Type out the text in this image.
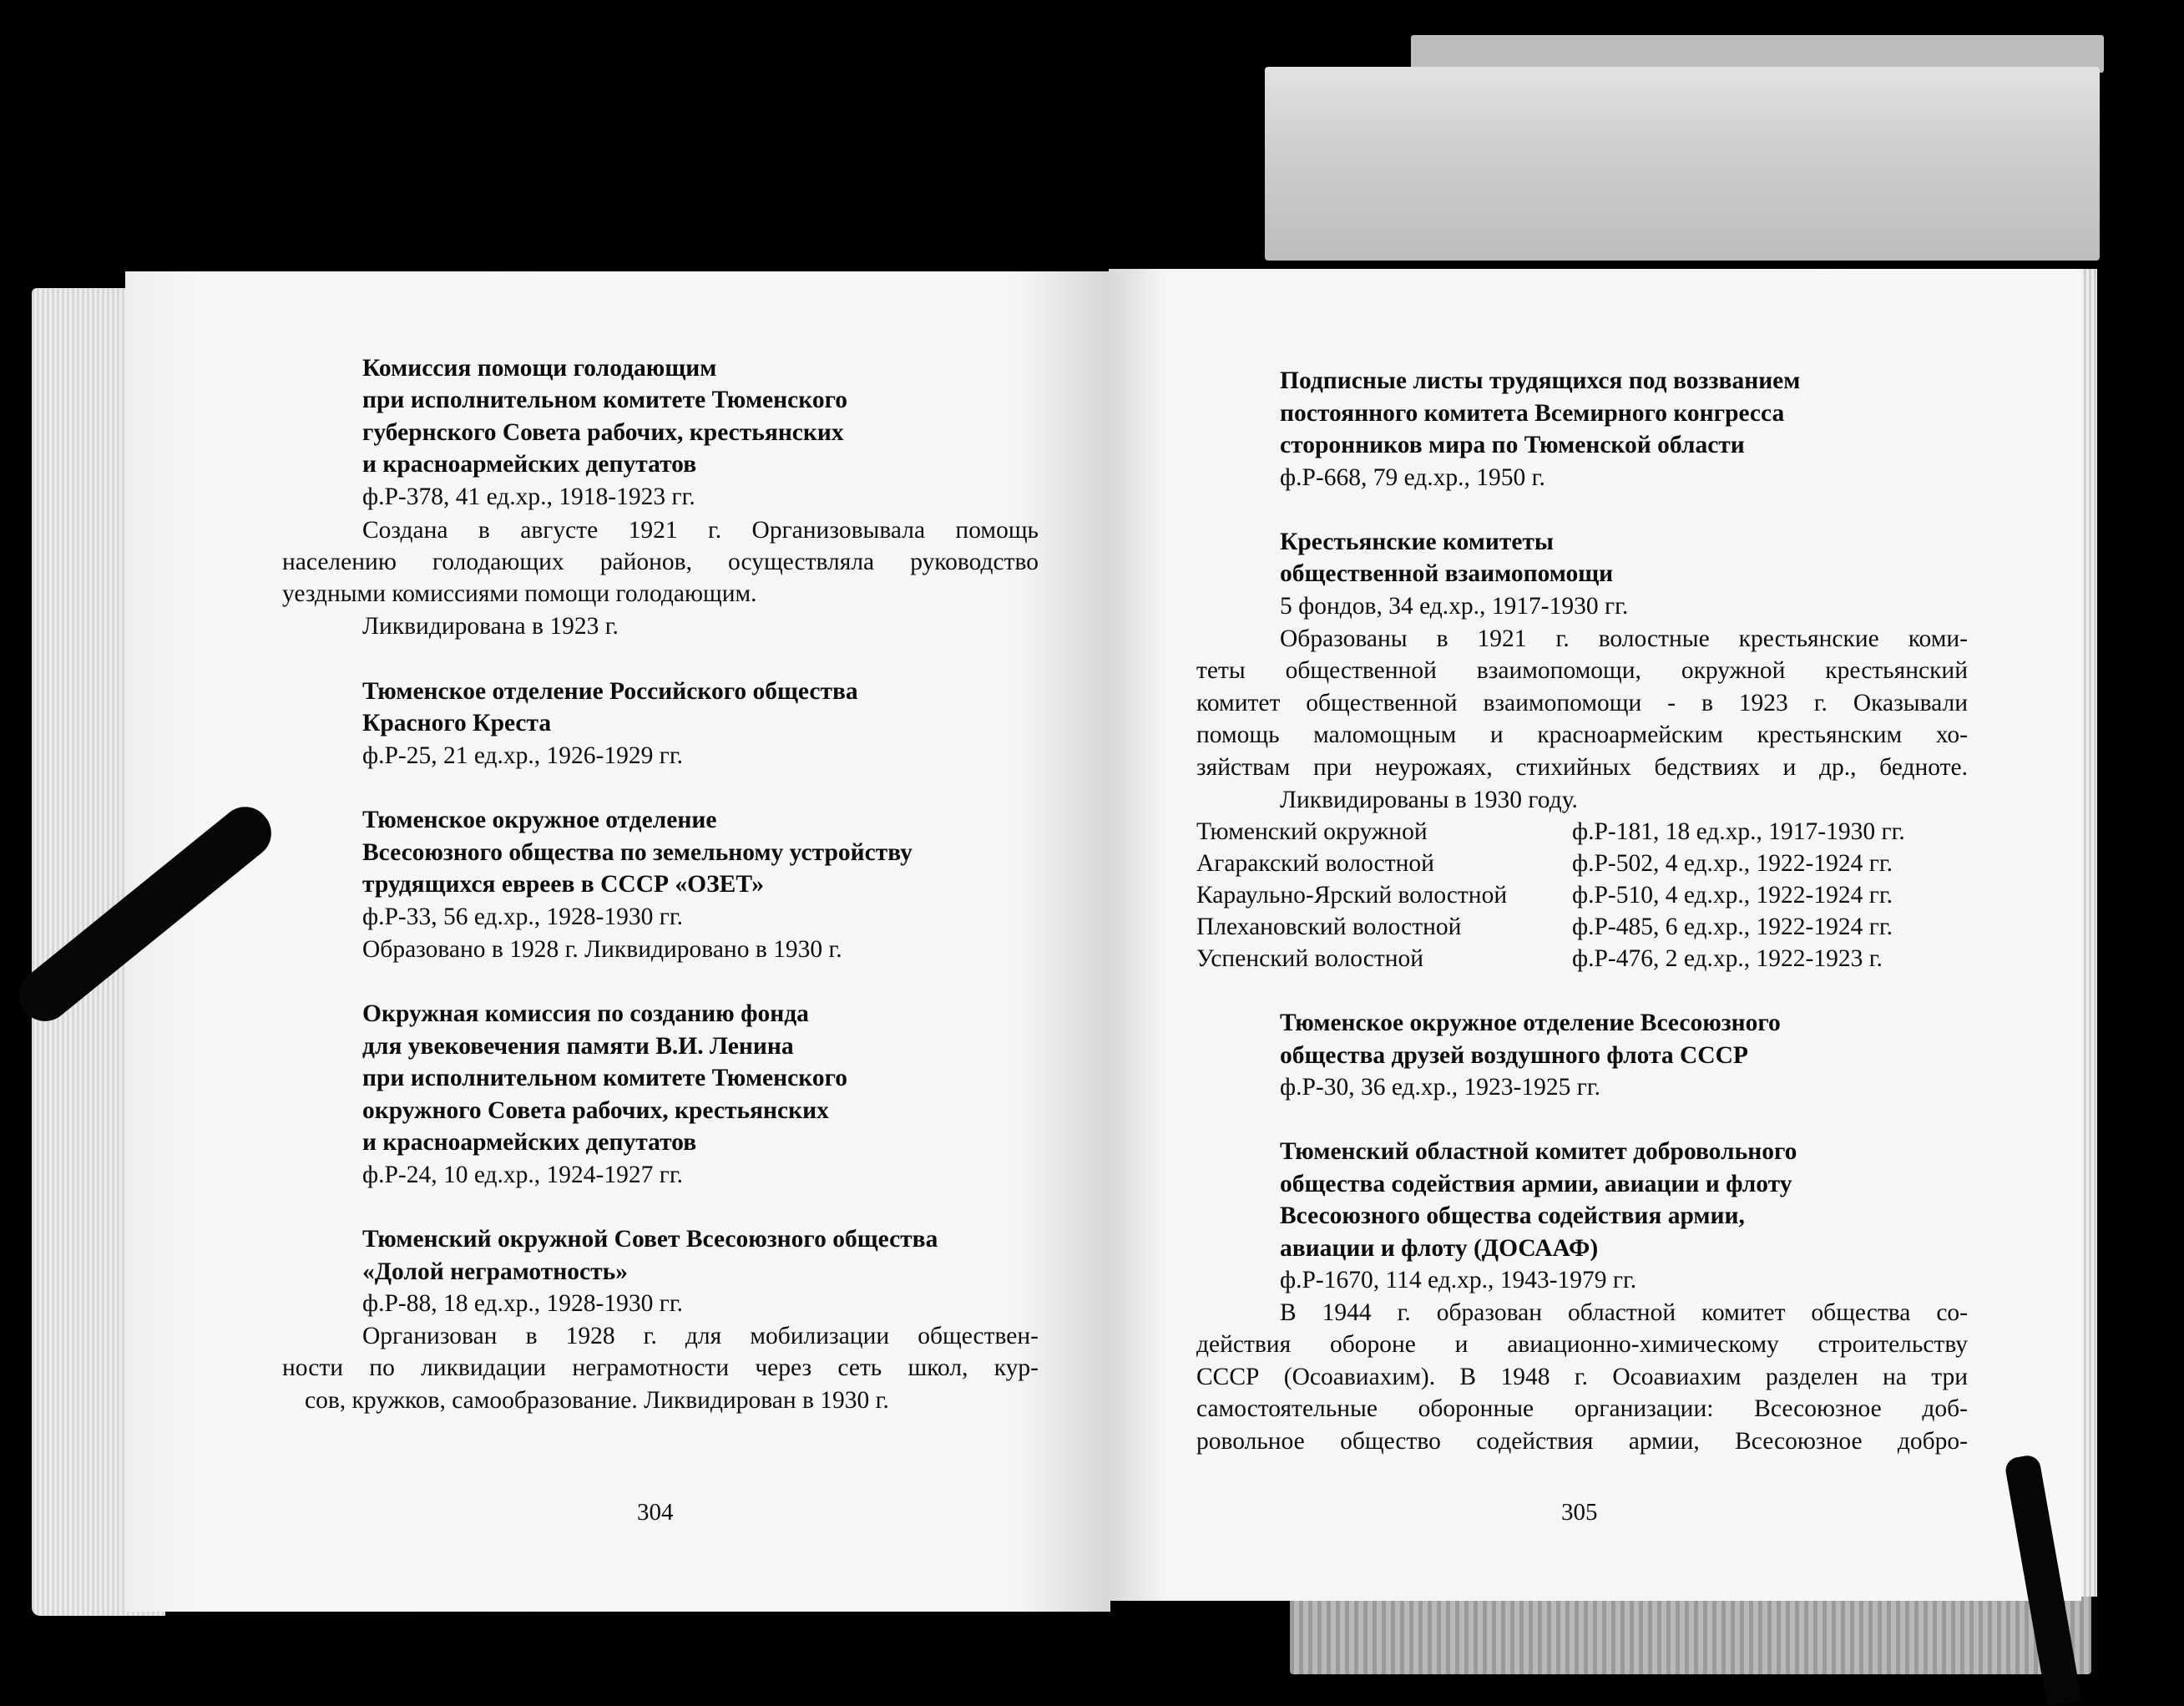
Комиссия помощи голодающим

при исполнительном комитете Тюменского

губернского Совета рабочих, крестьянских

и красноармейских депутатов

ф.Р-378, 41 ед.хр., 1918-1923 гг.

Создана в августе 1921 г. Организовывала помощь

населению голодающих районов, осуществляла руководство

уездными комиссиями помощи голодающим.

Ликвидирована в 1923 г.

Тюменское отделение Российского общества

Красного Креста

ф.Р-25, 21 ед.хр., 1926-1929 гг.

Тюменское окружное отделение

Всесоюзного общества по земельному устройству

трудящихся евреев в СССР «ОЗЕТ»

ф.Р-33, 56 ед.хр., 1928-1930 гг.

Образовано в 1928 г. Ликвидировано в 1930 г.

Окружная комиссия по созданию фонда

для увековечения памяти В.И. Ленина

при исполнительном комитете Тюменского

окружного Совета рабочих, крестьянских

и красноармейских депутатов

ф.Р-24, 10 ед.хр., 1924-1927 гг.

Тюменский окружной Совет Всесоюзного общества

«Долой неграмотность»

ф.Р-88, 18 ед.хр., 1928-1930 гг.

Организован в 1928 г. для мобилизации обществен-

ности по ликвидации неграмотности через сеть школ, кур-

сов, кружков, самообразование. Ликвидирован в 1930 г.

304

Подписные листы трудящихся под воззванием

постоянного комитета Всемирного конгресса

сторонников мира по Тюменской области

ф.Р-668, 79 ед.хр., 1950 г.

Крестьянские комитеты

общественной взаимопомощи

5 фондов, 34 ед.хр., 1917-1930 гг.

Образованы в 1921 г. волостные крестьянские коми-

теты общественной взаимопомощи, окружной крестьянский

комитет общественной взаимопомощи - в 1923 г. Оказывали

помощь маломощным и красноармейским крестьянским хо-

зяйствам при неурожаях, стихийных бедствиях и др., бедноте.

Ликвидированы в 1930 году.

Тюменский окружной	ф.Р-181, 18 ед.хр., 1917-1930 гг.
Агаракский волостной	ф.Р-502, 4 ед.хр., 1922-1924 гг.
Караульно-Ярский волостной	ф.Р-510, 4 ед.хр., 1922-1924 гг.
Плехановский волостной	ф.Р-485, 6 ед.хр., 1922-1924 гг.
Успенский волостной	ф.Р-476, 2 ед.хр., 1922-1923 г.

Тюменское окружное отделение Всесоюзного

общества друзей воздушного флота СССР

ф.Р-30, 36 ед.хр., 1923-1925 гг.

Тюменский областной комитет добровольного

общества содействия армии, авиации и флоту

Всесоюзного общества содействия армии,

авиации и флоту (ДОСААФ)

ф.Р-1670, 114 ед.хр., 1943-1979 гг.

В 1944 г. образован областной комитет общества со-

действия обороне и авиационно-химическому строительству

СССР (Осоавиахим). В 1948 г. Осоавиахим разделен на три

самостоятельные оборонные организации: Всесоюзное доб-

ровольное общество содействия армии, Всесоюзное добро-

305
